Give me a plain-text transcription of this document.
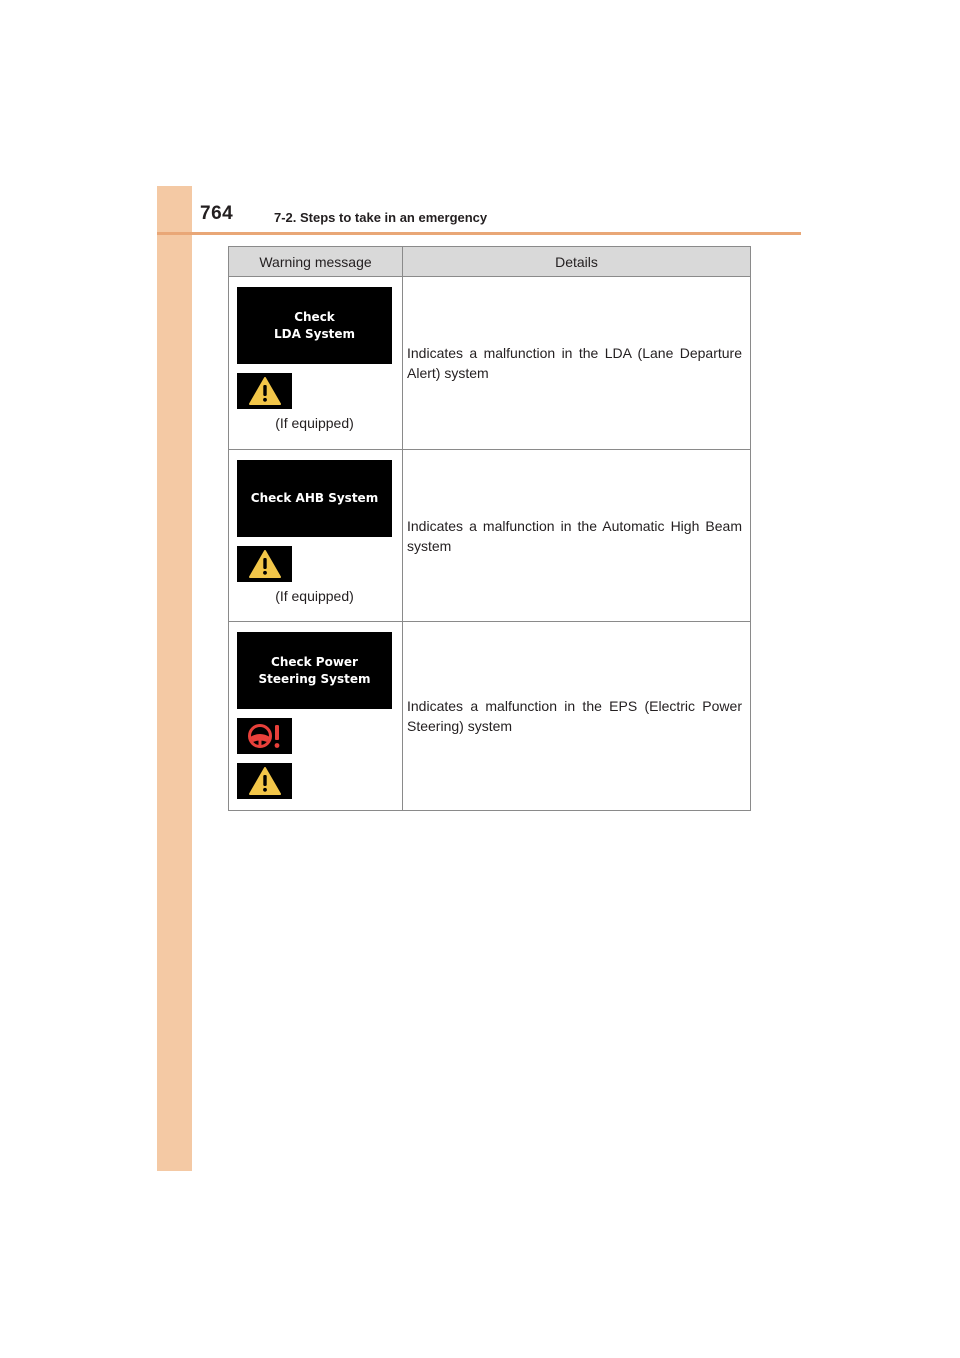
764	7-2. Steps to take in an emergency
Warning message	Details

Check
LDA System
(If equipped)	Indicates a malfunction in the LDA (Lane Departure Alert) system

Check AHB System
(If equipped)	Indicates a malfunction in the Automatic High Beam system

Check Power
Steering System	Indicates a malfunction in the EPS (Electric Power Steering) system
